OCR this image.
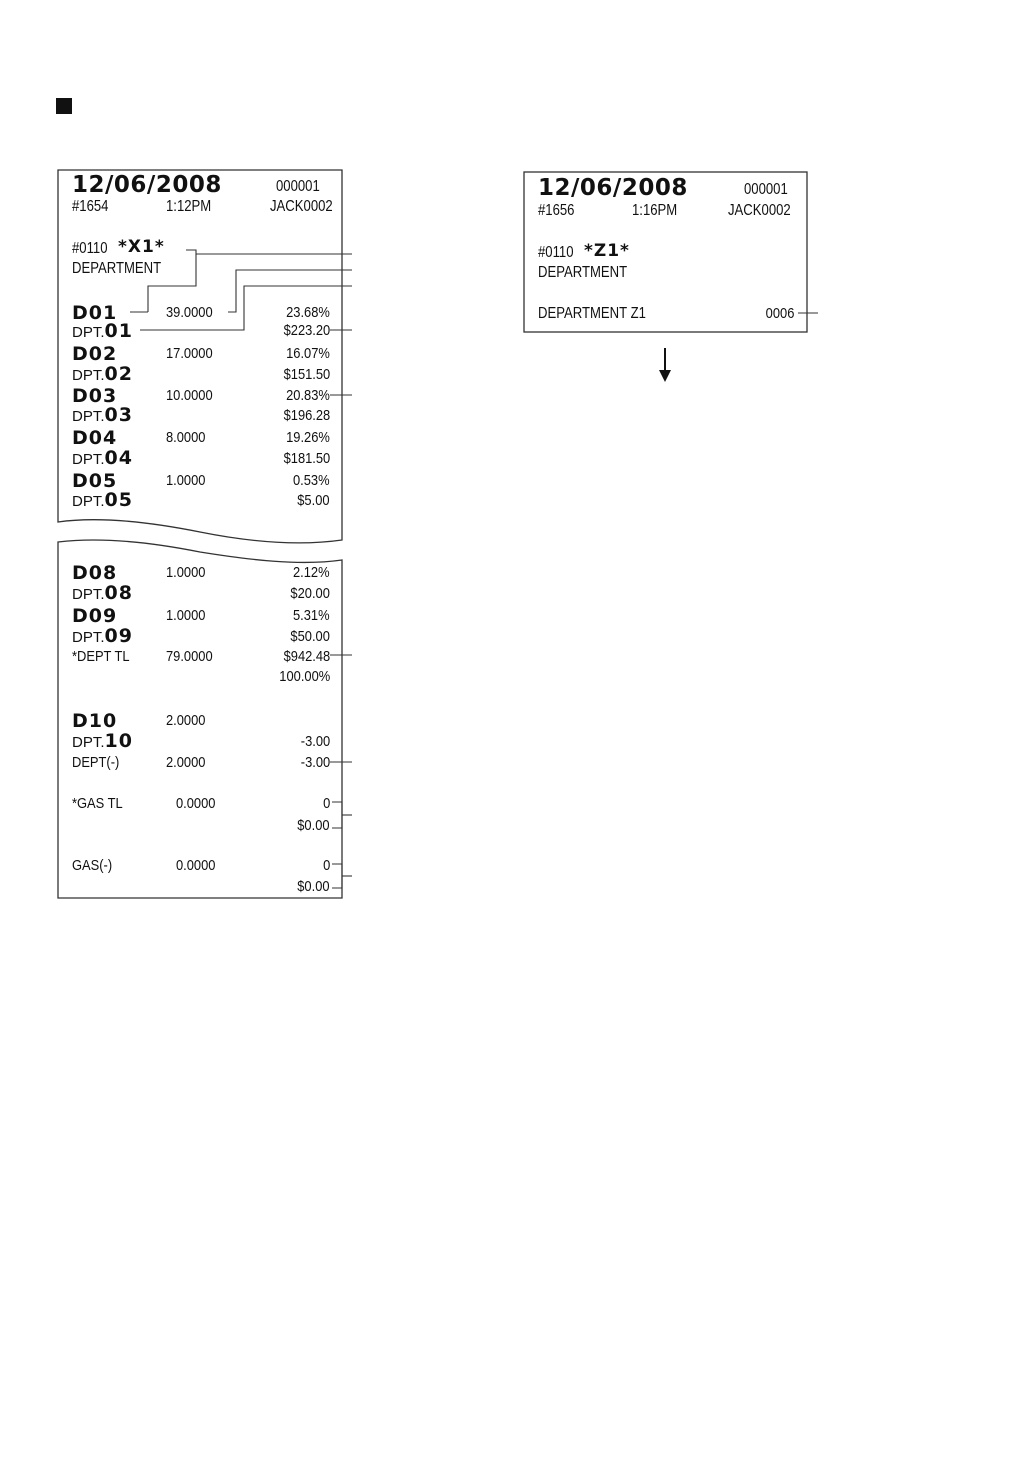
12/06/2008	000001
#1654	1:12PM	JACK0002
#0110 *X1*
DEPARTMENT
D01	39.0000	23.68%
DPT.01	$223.20
D02	17.0000	16.07%
DPT.02	$151.50
D03	10.0000	20.83%
DPT.03	$196.28
D04	8.0000	19.26%
DPT.04	$181.50
D05	1.0000	0.53%
DPT.05	$5.00
D08	1.0000	2.12%
DPT.08	$20.00
D09	1.0000	5.31%
DPT.09	$50.00
*DEPT TL 79.0000	$942.48
100.00%
D10	2.0000
DPT.10	-3.00
DEPT(-)	2.0000	-3.00
*GAS TL	0.0000	0
$0.00
GAS(-)	0.0000	0
$0.00
12/06/2008	000001
#1656	1:16PM	JACK0002
#0110 *Z1*
DEPARTMENT
DEPARTMENT Z1	0006
